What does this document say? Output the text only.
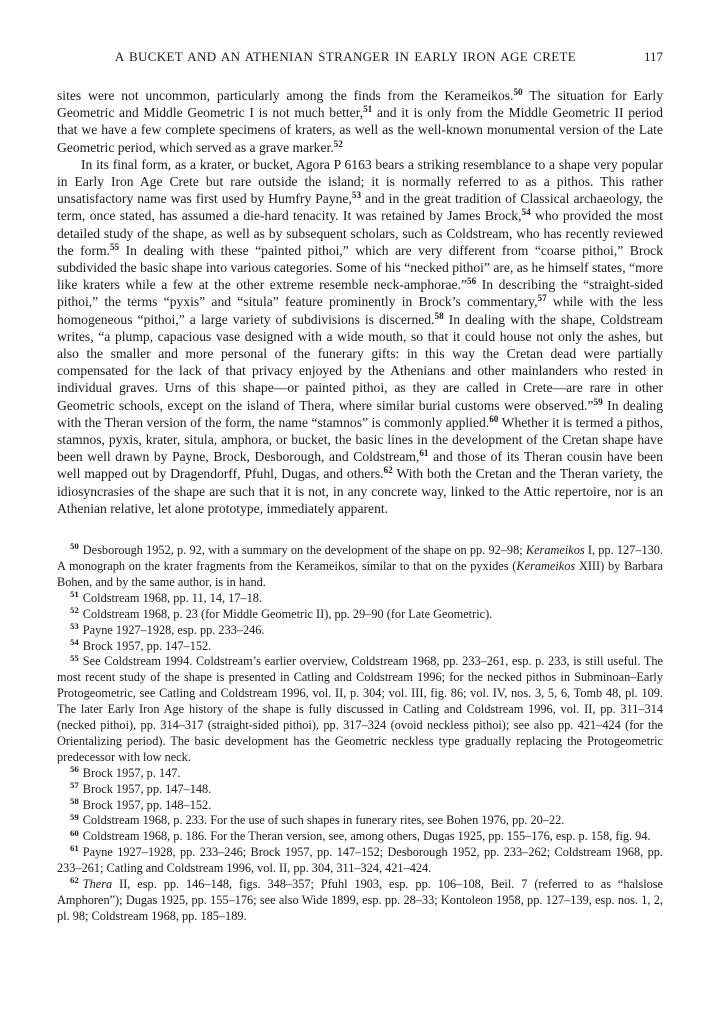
A BUCKET AND AN ATHENIAN STRANGER IN EARLY IRON AGE CRETE	117

sites were not uncommon, particularly among the finds from the Kerameikos.$^{50}$ The situation for Early Geometric and Middle Geometric I is not much better,$^{51}$ and it is only from the Middle Geometric II period that we have a few complete specimens of kraters, as well as the well-known monumental version of the Late Geometric period, which served as a grave marker.$^{52}$

In its final form, as a krater, or bucket, Agora P 6163 bears a striking resemblance to a shape very popular in Early Iron Age Crete but rare outside the island; it is normally referred to as a pithos. This rather unsatisfactory name was first used by Humfry Payne,$^{53}$ and in the great tradition of Classical archaeology, the term, once stated, has assumed a die-hard tenacity. It was retained by James Brock,$^{54}$ who provided the most detailed study of the shape, as well as by subsequent scholars, such as Coldstream, who has recently reviewed the form.$^{55}$ In dealing with these “painted pithoi,” which are very different from “coarse pithoi,” Brock subdivided the basic shape into various categories. Some of his “necked pithoi” are, as he himself states, “more like kraters while a few at the other extreme resemble neck-amphorae.”$^{56}$ In describing the “straight-sided pithoi,” the terms “pyxis” and “situla” feature prominently in Brock’s commentary,$^{57}$ while with the less homogeneous “pithoi,” a large variety of subdivisions is discerned.$^{58}$ In dealing with the shape, Coldstream writes, “a plump, capacious vase designed with a wide mouth, so that it could house not only the ashes, but also the smaller and more personal of the funerary gifts: in this way the Cretan dead were partially compensated for the lack of that privacy enjoyed by the Athenians and other mainlanders who rested in individual graves. Urns of this shape—or painted pithoi, as they are called in Crete—are rare in other Geometric schools, except on the island of Thera, where similar burial customs were observed.”$^{59}$ In dealing with the Theran version of the form, the name “stamnos” is commonly applied.$^{60}$ Whether it is termed a pithos, stamnos, pyxis, krater, situla, amphora, or bucket, the basic lines in the development of the Cretan shape have been well drawn by Payne, Brock, Desborough, and Coldstream,$^{61}$ and those of its Theran cousin have been well mapped out by Dragendorff, Pfuhl, Dugas, and others.$^{62}$ With both the Cretan and the Theran variety, the idiosyncrasies of the shape are such that it is not, in any concrete way, linked to the Attic repertoire, nor is an Athenian relative, let alone prototype, immediately apparent.

$^{50}$ Desborough 1952, p. 92, with a summary on the development of the shape on pp. 92–98; Kerameikos I, pp. 127–130. A monograph on the krater fragments from the Kerameikos, similar to that on the pyxides (Kerameikos XIII) by Barbara Bohen, and by the same author, is in hand.

$^{51}$ Coldstream 1968, pp. 11, 14, 17–18.

$^{52}$ Coldstream 1968, p. 23 (for Middle Geometric II), pp. 29–90 (for Late Geometric).

$^{53}$ Payne 1927–1928, esp. pp. 233–246.

$^{54}$ Brock 1957, pp. 147–152.

$^{55}$ See Coldstream 1994. Coldstream’s earlier overview, Coldstream 1968, pp. 233–261, esp. p. 233, is still useful. The most recent study of the shape is presented in Catling and Coldstream 1996; for the necked pithos in Subminoan–Early Protogeometric, see Catling and Coldstream 1996, vol. II, p. 304; vol. III, fig. 86; vol. IV, nos. 3, 5, 6, Tomb 48, pl. 109. The later Early Iron Age history of the shape is fully discussed in Catling and Coldstream 1996, vol. II, pp. 311–314 (necked pithoi), pp. 314–317 (straight-sided pithoi), pp. 317–324 (ovoid neckless pithoi); see also pp. 421–424 (for the Orientalizing period). The basic development has the Geometric neckless type gradually replacing the Protogeometric predecessor with low neck.

$^{56}$ Brock 1957, p. 147.

$^{57}$ Brock 1957, pp. 147–148.

$^{58}$ Brock 1957, pp. 148–152.

$^{59}$ Coldstream 1968, p. 233. For the use of such shapes in funerary rites, see Bohen 1976, pp. 20–22.

$^{60}$ Coldstream 1968, p. 186. For the Theran version, see, among others, Dugas 1925, pp. 155–176, esp. p. 158, fig. 94.

$^{61}$ Payne 1927–1928, pp. 233–246; Brock 1957, pp. 147–152; Desborough 1952, pp. 233–262; Coldstream 1968, pp. 233–261; Catling and Coldstream 1996, vol. II, pp. 304, 311–324, 421–424.

$^{62}$ Thera II, esp. pp. 146–148, figs. 348–357; Pfuhl 1903, esp. pp. 106–108, Beil. 7 (referred to as “halslose Amphoren”); Dugas 1925, pp. 155–176; see also Wide 1899, esp. pp. 28–33; Kontoleon 1958, pp. 127–139, esp. nos. 1, 2, pl. 98; Coldstream 1968, pp. 185–189.
